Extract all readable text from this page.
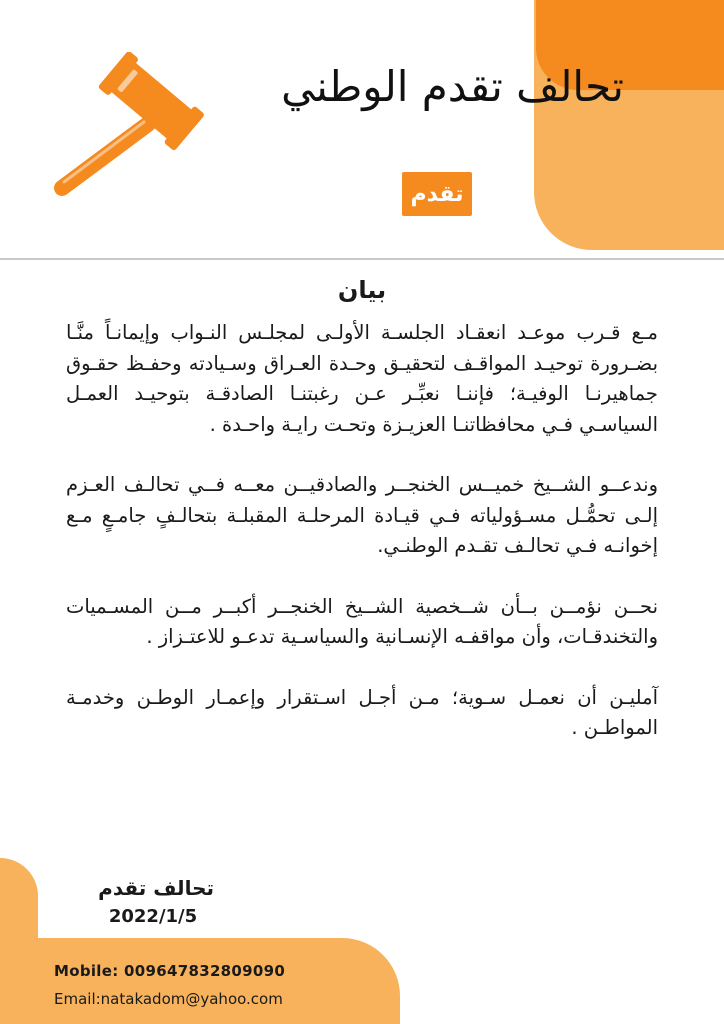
تحالف تقدم الوطني
تقدم
بيان

مـع قـرب موعـد انعقـاد الجلسـة الأولـى لمجلـس النـواب وإيمانـاً منَّـا بضـرورة توحيـد المواقـف لتحقيـق وحـدة العـراق وسـيادته وحفـظ حقـوق جماهيرنـا الوفيـة؛ فإننـا نعبِّـر عـن رغبتنـا الصادقـة بتوحيـد العمـل السياسـي فـي محافظاتنـا العزيـزة وتحـت رايـة واحـدة .

وندعــو الشــيخ خميــس الخنجــر والصادقيــن معــه فــي تحالـف العـزم إلـى تحمُّـل مسـؤولياته فـي قيـادة المرحلـة المقبلـة بتحالـفٍ جامـعٍ مـع إخوانـه فـي تحالـف تقـدم الوطنـي.

نحــن نؤمــن بــأن شــخصية الشــيخ الخنجــر أكبــر مــن المسـميات والتخندقـات، وأن مواقفـه الإنسـانية والسياسـية تدعـو للاعتـزاز .

آمليـن أن نعمـل سـوية؛ مـن أجـل اسـتقرار وإعمـار الوطـن وخدمـة المواطـن .

تحالف تقدم
2022/1/5
Mobile: 009647832809090
Email:natakadom@yahoo.com
